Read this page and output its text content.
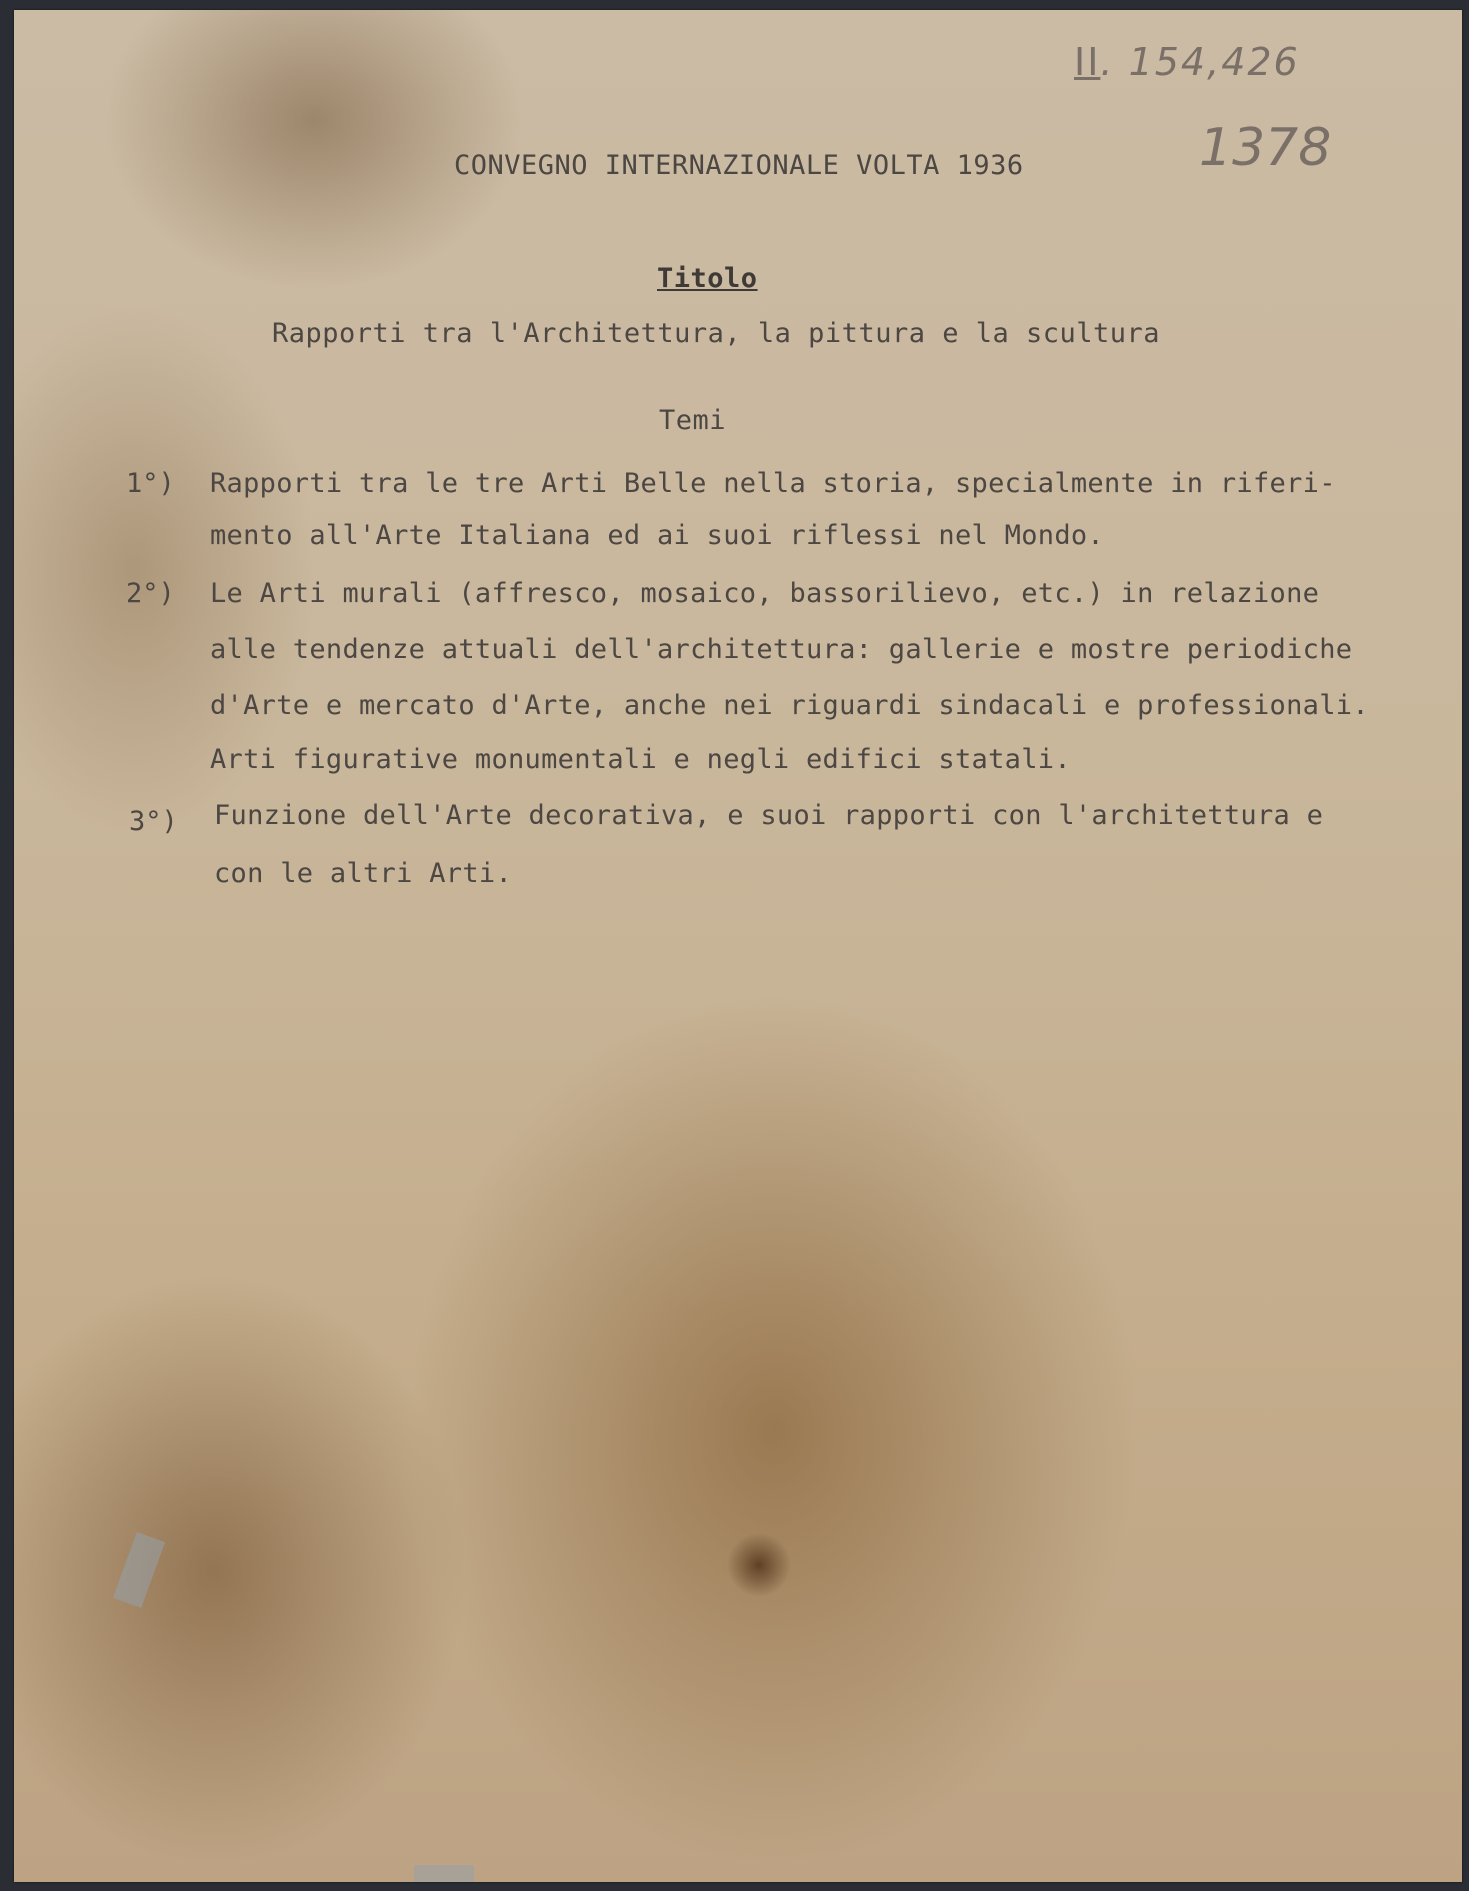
II. 154,426
1378

CONVEGNO INTERNAZIONALE VOLTA 1936

Titolo

Rapporti tra l'Architettura, la pittura e la scultura

Temi

1°) Rapporti tra le tre Arti Belle nella storia, specialmente in riferi-
mento all'Arte Italiana ed ai suoi riflessi nel Mondo.
2°) Le Arti murali (affresco, mosaico, bassorilievo, etc.) in relazione
alle tendenze attuali dell'architettura: gallerie e mostre periodiche
d'Arte e mercato d'Arte, anche nei riguardi sindacali e professionali.
Arti figurative monumentali e negli edifici statali.
3°) Funzione dell'Arte decorativa, e suoi rapporti con l'architettura e
con le altri Arti.
